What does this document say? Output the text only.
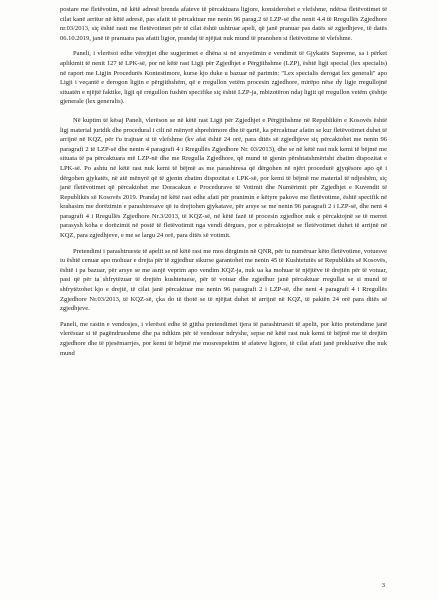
postare me fletëvotim, në këtë adresë brenda afateve të përcaktuara ligjore, konsiderohet e vlefshme, ndërsa fletëvotimet të cilat kanë arritur në këtë adresë, pas afatit të përcaktuar me nenin 96 parag.2 të LZP-së dhe nenit 4.4 të Rregullës Zgjedhore nr.03/2013, siç është rasti me fletëvotimet për të cilat është ushtruar apeli, që janë pranuar pas datës së zgjedhjeve, të datës 06.10.2019, janë të pranuara pas afatit ligjor, prandaj të njëjtat nuk mund të pranohen si fletëvotime të vlefshme.

Paneli, i vlerësoi edhe vërejtjet dhe sugjerimet e dhëna si në arsyetimin e vendimit të Gjykatës Supreme, sa i përket aplikimit të nenit 127 të LPK-së, por në këtë rast Ligji për Zgjedhjet e Përgjithshme (LZP), është ligji special (lex specialis) në raport me Ligjin Procedurës Kontestimore, kurse kjo duke u bazuar në parimin: "Lex specialis derogat lex generali" apo Ligji i veçantë e derogon ligjin e përgjithshëm, që e rregullon vetëm procesin zgjedhore, mirëpo nëse dy ligje rregullojnë situatën e njëjtë faktike, ligji që rregullon fushën specifike siç është LZP-ja, mbizotëron ndaj ligjit që rregullon vetëm çështje gjenerale (lex generalis).

Në kuptim të kësaj Paneli, vlerëson se në këtë rast Ligji për Zgjedhjet e Përgjithshme në Republikën e Kosovës është ligj material juridik dhe procedural i cili në mënyrë shprehimore dhe të qartë, ka përcaktuar afatin se kur fletëvotimet duhet të arrijnë në KQZ, për t'u trajtuar si të vlefshme (kv afat është 24 orë, para ditës së zgjedhjeve siç përcaktohet me nenin 96 paragrafi 2 të LZP-së dhe nenin 4 paragrafi 4 i Rregullës Zgjedhore Nr. 03/2013), dhe se në këtë rast nuk kemi të bëjmë me situata të pa përcaktuara më LZP-në dhe me Rregulla Zgjedhore, që mund të gjenin përshtatshmërisht zbatim dispozitat e LPK-së. Po ashtu në këtë rast nuk kemi të bëjmë as me parashtresa që dërgohen në njëri procedurë gjyqësore apo që i dërgohen gjykatës, në atë mënyrë që të gjenin zbatim dispozitat e LPK-së, por kemi të bëjmë me material të ndjeshëm, siç janë fletëvotimet që përcaktohet me Doracakun e Procedurave të Votimit dhe Numërimit për Zgjedhjet e Kuvendit të Republikës së Kosovës 2019. Prandaj në këtë rast edhe afati për pranimin e këtyre pakove me fletëvotime, është specifik në krahasim me dorëzimin e parashtresave që iu drejtohen gjykatave, për arsye se me nenin 96 paragrafi 2 i LZP-së, dhe neni 4 paragrafi 4 i Rregullës Zgjedhore Nr.3/2013, të KQZ-së, në këtë fazë të procesin zgjedhor nuk e përcaktojnë se të merret parasysh koha e dorëzimit në postë të fletëvotimit nga vendi dërgues, por e përcaktojnë se fletëvotimet duhet të arrijnë në KQZ, para zgjedhjeve, e me se largu 24 orë, para ditës së votimit.

Pretendimi i parashtrueste të apelit se në këtë rast me mos dërgimin në QNR, për tu numëruar këto fletëvotime, votuesve iu është cenuar apo mohuar e drejta për të zgjedhur sikurse garantohet me nenin 45 të Kushtetutës së Republikës së Kosovës, është i pa bazuar, për arsye se me asnjë veprim apo vendim KQZ-ja, nuk ua ka mohuar të njëjtëve të drejtën për të votuar, pasi që për ta shfrytëzuar të drejtën kushtetuese, për të votuar dhe zgjedhur janë përcaktuar rregullat se si mund të shfrytëzohet kjo e drejtë, të cilat janë përcaktuar me nenin 96 paragrafi 2 i LZP-së, dhe neni 4 paragrafi 4 i Rregullës Zgjedhore Nr.03/2013, të KQZ-së, çka do të thotë se të njëjtat duhet të arrijnë në KQZ, të paktën 24 orë para ditës së zgjedhjeve.

Paneli, me rastin e vendosjes, i vlerësoi edhe të gjitha pretendimet tjera të parashtruesit të apelit, por këto pretendime janë vlerësuar si të pagëndrueshme dhe pa ndikim për të vendosur ndryshe, sepse në këtë rast nuk kemi të bëjmë me të drejtën zgjedhore dhe të pjesëmarrjes, por kemi të bëjmë me mosrespektim të afateve ligjore, të cilat afati janë prekluzive dhe nuk mund

3
